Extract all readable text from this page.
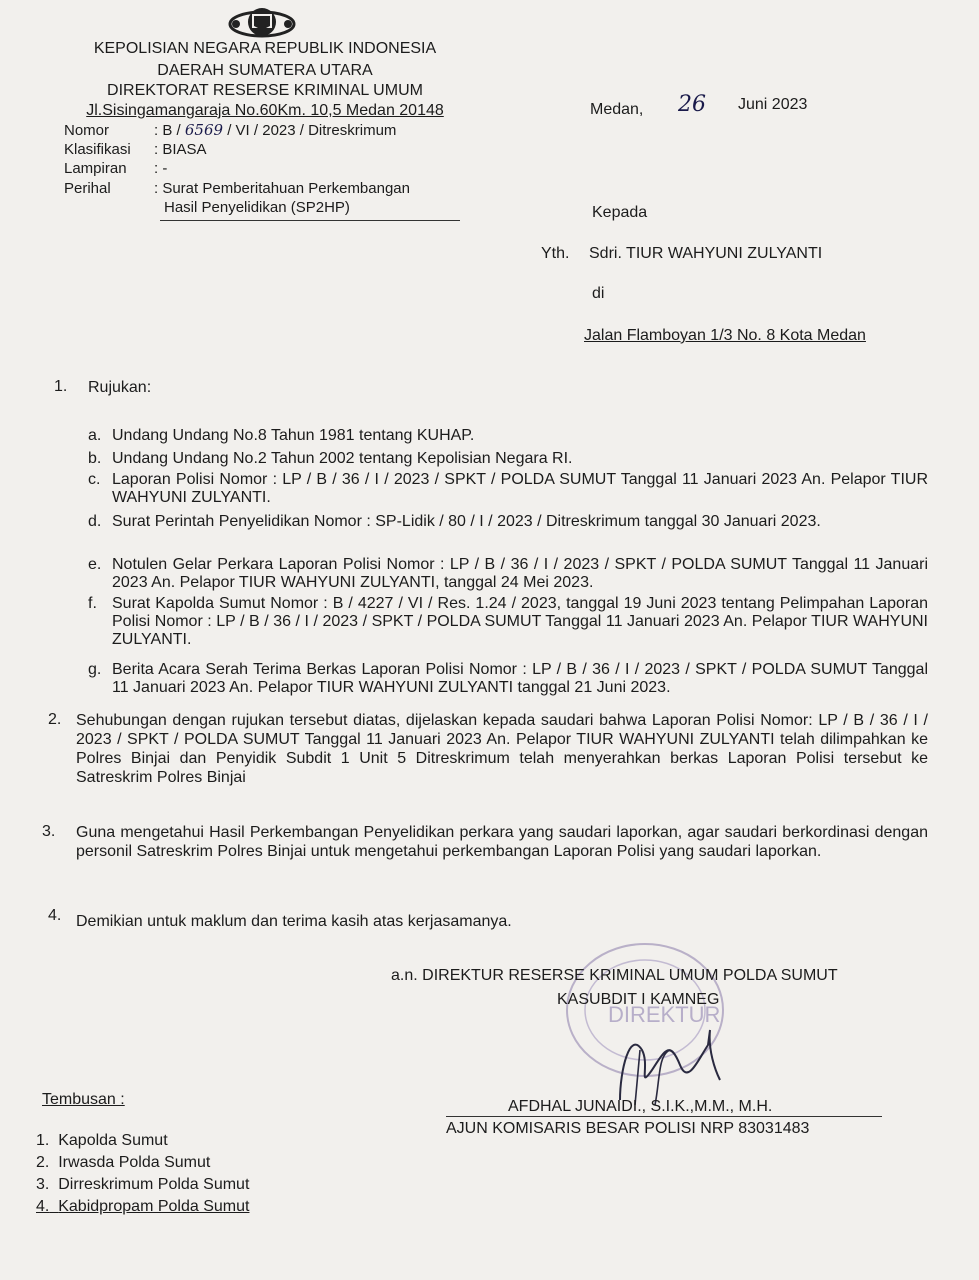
KEPOLISIAN NEGARA REPUBLIK INDONESIA
DAERAH SUMATERA UTARA
DIREKTORAT RESERSE KRIMINAL UMUM
Jl.Sisingamangaraja No.60Km. 10,5 Medan 20148
Nomor	: B / 6569 / VI / 2023 / Ditreskrimum
Klasifikasi : BIASA
Lampiran : -
Perihal	: Surat Pemberitahuan Perkembangan
Hasil Penyelidikan (SP2HP)
Medan, 26 Juni 2023
Kepada
Yth. Sdri. TIUR WAHYUNI ZULYANTI
di
Jalan Flamboyan 1/3 No. 8 Kota Medan
1. Rujukan:
a. Undang Undang No.8 Tahun 1981 tentang KUHAP.
b. Undang Undang No.2 Tahun 2002 tentang Kepolisian Negara RI.
c. Laporan Polisi Nomor : LP / B / 36 / I / 2023 / SPKT / POLDA SUMUT Tanggal 11 Januari 2023 An. Pelapor TIUR WAHYUNI ZULYANTI.
d. Surat Perintah Penyelidikan Nomor : SP-Lidik / 80 / I / 2023 / Ditreskrimum tanggal 30 Januari 2023.
e. Notulen Gelar Perkara Laporan Polisi Nomor : LP / B / 36 / I / 2023 / SPKT / POLDA SUMUT Tanggal 11 Januari 2023 An. Pelapor TIUR WAHYUNI ZULYANTI, tanggal 24 Mei 2023.
f. Surat Kapolda Sumut Nomor : B / 4227 / VI / Res. 1.24 / 2023, tanggal 19 Juni 2023 tentang Pelimpahan Laporan Polisi Nomor : LP / B / 36 / I / 2023 / SPKT / POLDA SUMUT Tanggal 11 Januari 2023 An. Pelapor TIUR WAHYUNI ZULYANTI.
g. Berita Acara Serah Terima Berkas Laporan Polisi Nomor : LP / B / 36 / I / 2023 / SPKT / POLDA SUMUT Tanggal 11 Januari 2023 An. Pelapor TIUR WAHYUNI ZULYANTI tanggal 21 Juni 2023.
2. Sehubungan dengan rujukan tersebut diatas, dijelaskan kepada saudari bahwa Laporan Polisi Nomor: LP / B / 36 / I / 2023 / SPKT / POLDA SUMUT Tanggal 11 Januari 2023 An. Pelapor TIUR WAHYUNI ZULYANTI telah dilimpahkan ke Polres Binjai dan Penyidik Subdit 1 Unit 5 Ditreskrimum telah menyerahkan berkas Laporan Polisi tersebut ke Satreskrim Polres Binjai
3. Guna mengetahui Hasil Perkembangan Penyelidikan perkara yang saudari laporkan, agar saudari berkordinasi dengan personil Satreskrim Polres Binjai untuk mengetahui perkembangan Laporan Polisi yang saudari laporkan.
4. Demikian untuk maklum dan terima kasih atas kerjasamanya.
DIREKTUR
a.n. DIREKTUR RESERSE KRIMINAL UMUM POLDA SUMUT
KASUBDIT I KAMNEG
AFDHAL JUNAIDI., S.I.K.,M.M., M.H.
AJUN KOMISARIS BESAR POLISI NRP 83031483
Tembusan :
1. Kapolda Sumut
2. Irwasda Polda Sumut
3. Dirreskrimum Polda Sumut
4. Kabidpropam Polda Sumut
